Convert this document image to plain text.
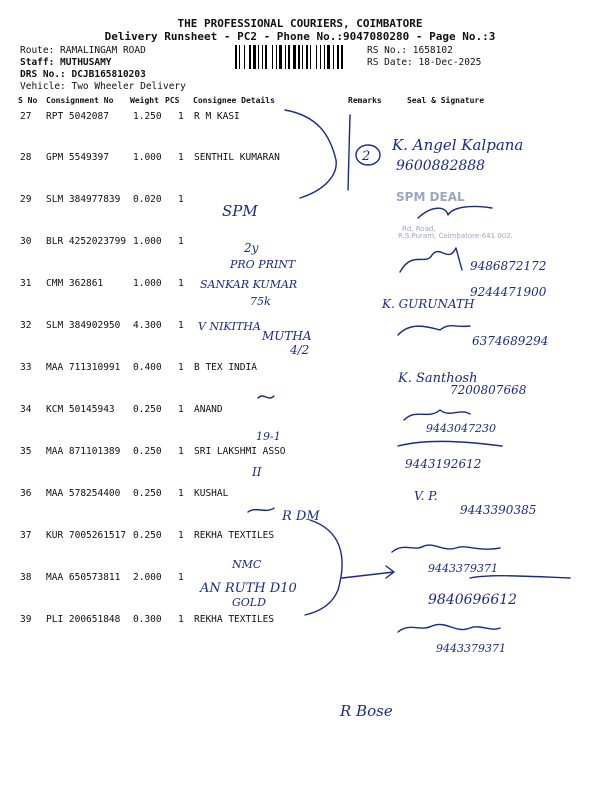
THE PROFESSIONAL COURIERS, COIMBATORE
Delivery Runsheet - PC2 - Phone No.:9047080280 - Page No.:3
Route: RAMALINGAM ROAD
Staff: MUTHUSAMY
DRS No.: DCJB165810203
Vehicle: Two Wheeler Delivery
RS No.: 1658102
RS Date: 18-Dec-2025
S No Consignment No Weight PCS Consignee Details	Remarks	Seal & Signature
27 RPT 5042087	1.250 1 R M KASI
28 GPM 5549397	1.000 1 SENTHIL KUMARAN
29 SLM 384977839 0.020 1
30 BLR 4252023799 1.000 1
31 CMM 362861	1.000 1
32 SLM 384902950 4.300 1
33 MAA 711310991 0.400 1 B TEX INDIA
34 KCM 50145943 0.250 1 ANAND
35 MAA 871101389 0.250 1 SRI LAKSHMI ASSO
36 MAA 578254400 0.250 1 KUSHAL
37 KUR 7005261517 0.250 1 REKHA TEXTILES
38 MAA 650573811 2.000 1
39 PLI 200651848 0.300 1 REKHA TEXTILES
SPM DEAL
Rd, Road,
R.S.Puram, Coimbatore-641 002.
2
K. Angel Kalpana
9600882888
SPM
2y
PRO PRINT	9486872172
SANKAR KUMAR
75k	K. GURUNATH
9244471900
V NIKITHA
MUTHA
4/2
6374689294
K. Santhosh
7200807668
9443047230
19-1
9443192612
II
V. P.
9443390385
R DM
NMC
AN RUTH D10
GOLD
9443379371
9840696612
9443379371
R Bose
